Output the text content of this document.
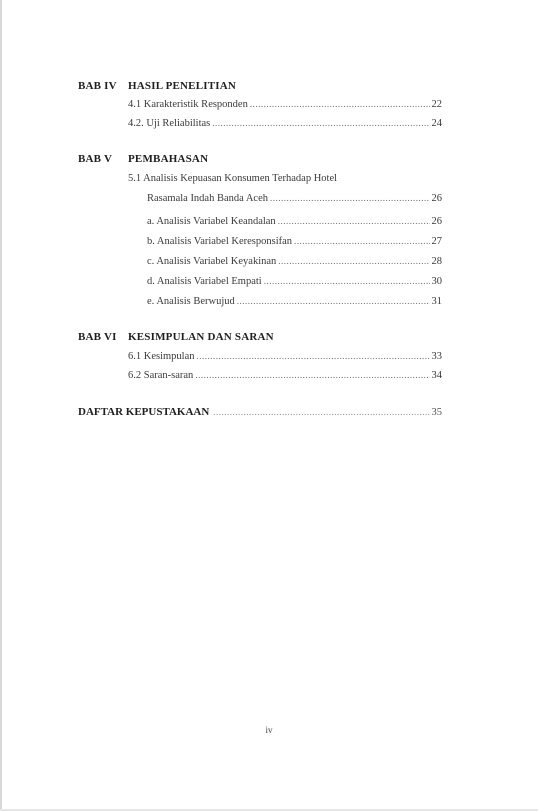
BAB IV HASIL PENELITIAN
4.1 Karakteristik Responden .....	22
4.2. Uji Reliabilitas .....	24
BAB V PEMBAHASAN
5.1 Analisis Kepuasan Konsumen Terhadap Hotel
Rasamala Indah Banda Aceh .....	26
a. Analisis Variabel Keandalan .....	26
b. Analisis Variabel Keresponsifan .....	27
c. Analisis Variabel Keyakinan .....	28
d. Analisis Variabel Empati .....	30
e. Analisis Berwujud .....	31
BAB VI KESIMPULAN DAN SARAN
6.1 Kesimpulan .....	33
6.2 Saran-saran .....	34
DAFTAR KEPUSTAKAAN .....	35
iv
